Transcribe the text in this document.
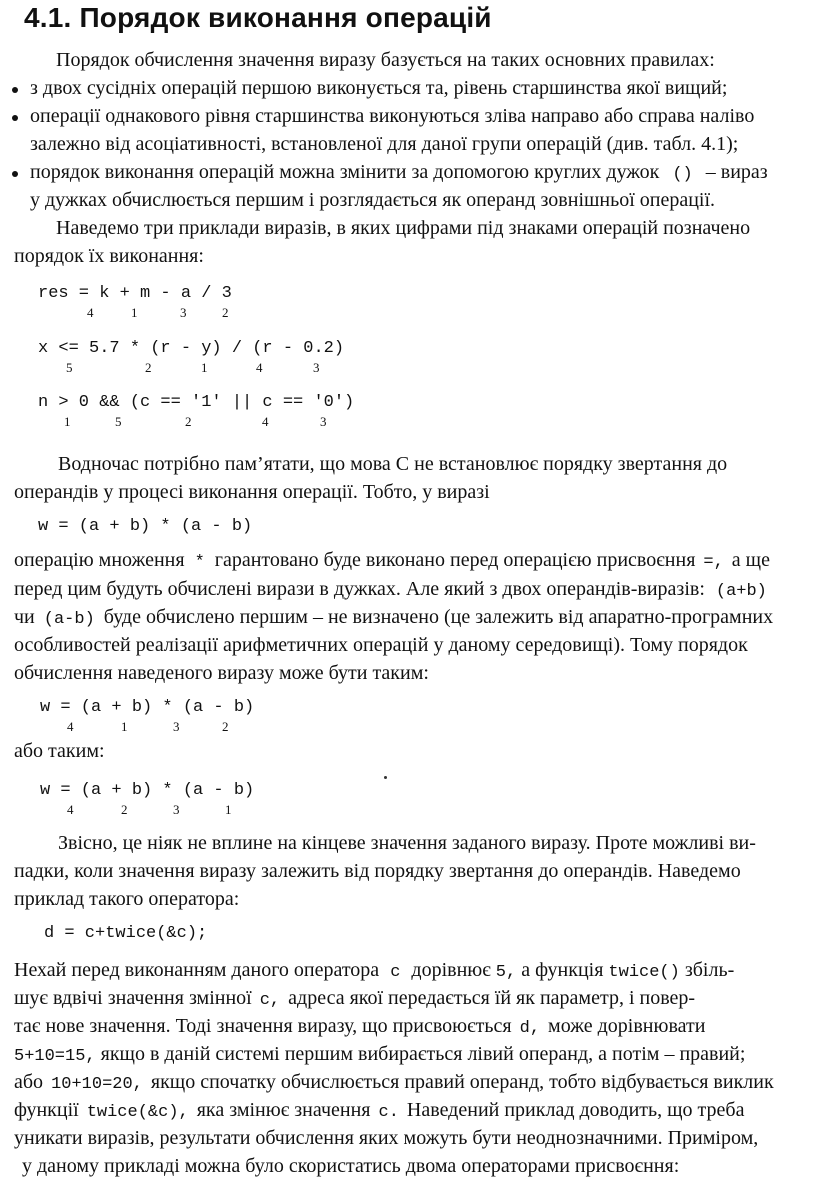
4.1. Порядок виконання операцій
Порядок обчислення значення виразу базується на таких основних правилах:
з двох сусідніх операцій першою виконується та, рівень старшинства якої вищий;
операції однакового рівня старшинства виконуються зліва направо або справа наліво
залежно від асоціативності, встановленої для даної групи операцій (див. табл. 4.1);
порядок виконання операцій можна змінити за допомогою круглих дужок () – вираз
у дужках обчислюється першим і розглядається як операнд зовнішньої операції.
Наведемо три приклади виразів, в яких цифрами під знаками операцій позначено
порядок їх виконання:
res = k + m - a / 3
4	1	3	2
x <= 5.7 * (r - y) / (r - 0.2)
5	2	1	4	3
n > 0 && (c == '1' || c == '0')
1	5	2	4	3
Водночас потрібно пам’ятати, що мова С не встановлює порядку звертання до
операндів у процесі виконання операції. Тобто, у виразі
w = (a + b) * (a - b)
операцію множення * гарантовано буде виконано перед операцією присвоєння =, а ще
перед цим будуть обчислені вирази в дужках. Але який з двох операндів-виразів: (a+b)
чи (a-b) буде обчислено першим – не визначено (це залежить від апаратно-програмних
особливостей реалізації арифметичних операцій у даному середовищі). Тому порядок
обчислення наведеного виразу може бути таким:
w = (a + b) * (a - b)
4	1	3	2
або таким:
w = (a + b) * (a - b)
4	2	3	1
Звісно, це ніяк не вплине на кінцеве значення заданого виразу. Проте можливі ви-
падки, коли значення виразу залежить від порядку звертання до операндів. Наведемо
приклад такого оператора:
d = c+twice(&c);
Нехай перед виконанням даного оператора c дорівнює 5, а функція twice() збіль-
шує вдвічі значення змінної c, адреса якої передається їй як параметр, і повер-
тає нове значення. Тоді значення виразу, що присвоюється d, може дорівнювати
5+10=15, якщо в даній системі першим вибирається лівий операнд, а потім – правий;
або 10+10=20, якщо спочатку обчислюється правий операнд, тобто відбувається виклик
функції twice(&c), яка змінює значення c. Наведений приклад доводить, що треба
уникати виразів, результати обчислення яких можуть бути неоднозначними. Приміром,
у даному прикладі можна було скористатись двома операторами присвоєння:
